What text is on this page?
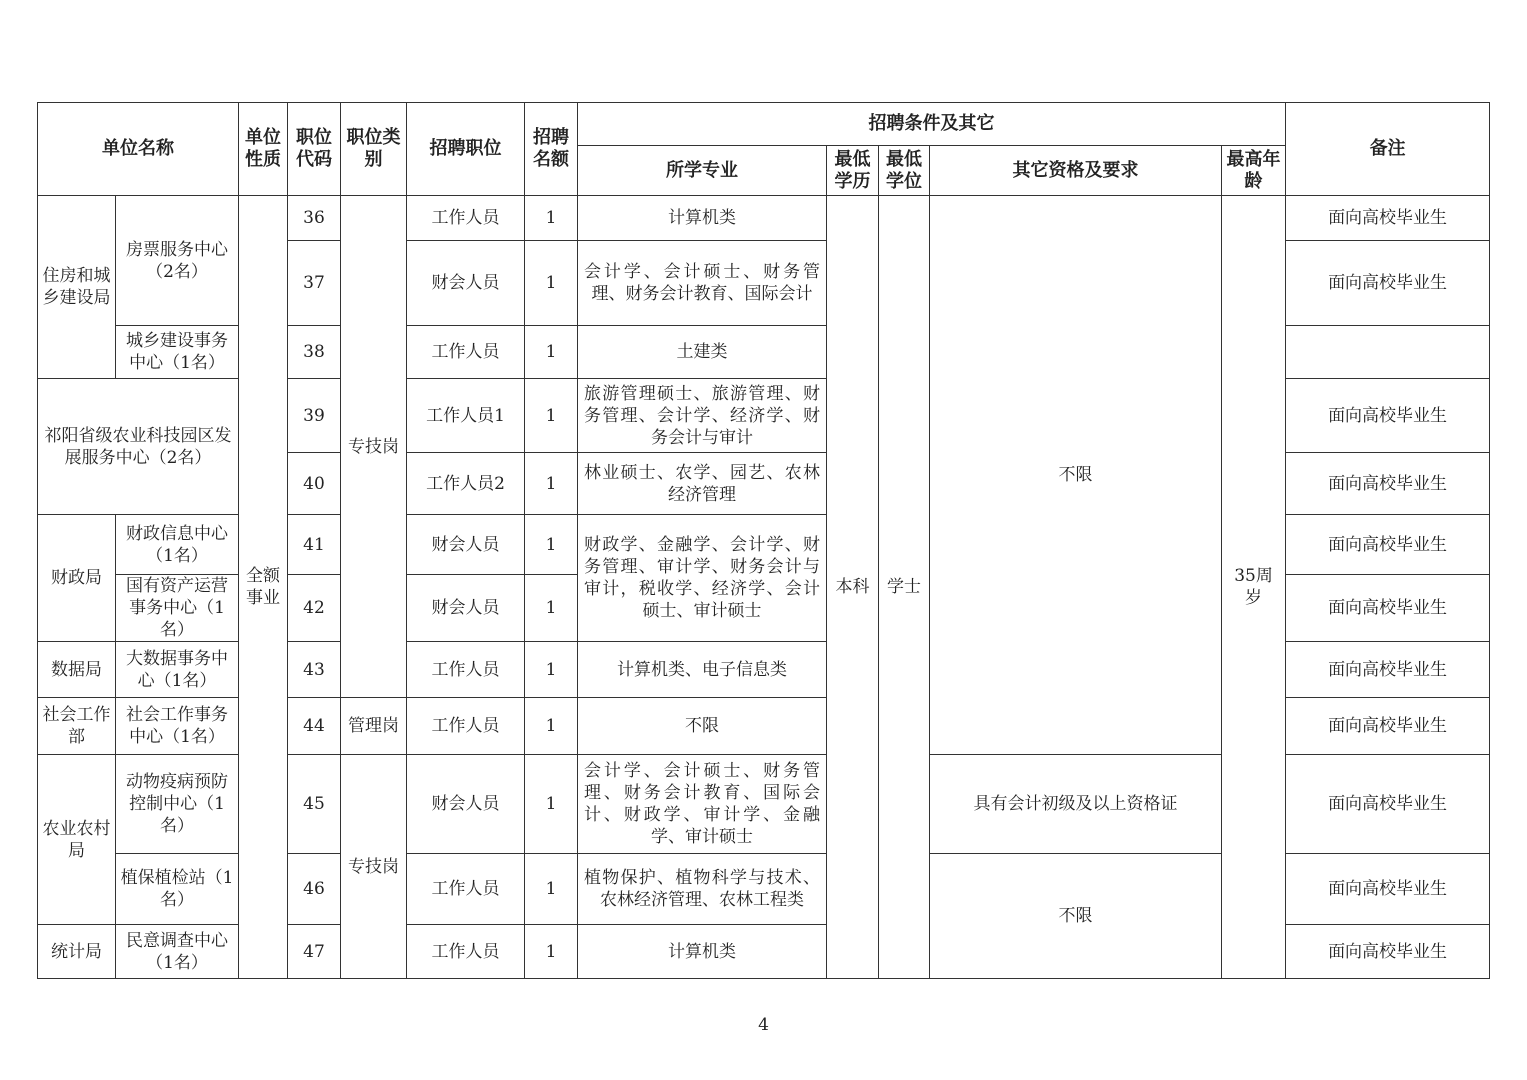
单位名称		单位性质	职位代码	职位类别	招聘职位	招聘名额	招聘条件及其它					备注
							所学专业	最低学历	最低学位	其它资格及要求	最高年龄	
住房和城乡建设局	房票服务中心（2名）	全额事业	36	专技岗	工作人员	1	计算机类	本科	学士	不限	35周岁	面向高校毕业生
			37		财会人员	1	会计学、会计硕士、财务管理、财务会计教育、国际会计					面向高校毕业生
	城乡建设事务中心（1名）		38		工作人员	1	土建类					
祁阳省级农业科技园区发展服务中心（2名）			39		工作人员1	1	旅游管理硕士、旅游管理、财务管理、会计学、经济学、财务会计与审计					面向高校毕业生
			40		工作人员2	1	林业硕士、农学、园艺、农林经济管理					面向高校毕业生
财政局	财政信息中心（1名）		41		财会人员	1	财政学、金融学、会计学、财务管理、审计学、财务会计与审计，税收学、经济学、会计硕士、审计硕士					面向高校毕业生
	国有资产运营事务中心（1名）		42		财会人员	1						面向高校毕业生
数据局	大数据事务中心（1名）		43		工作人员	1	计算机类、电子信息类					面向高校毕业生
社会工作部	社会工作事务中心（1名）		44	管理岗	工作人员	1	不限					面向高校毕业生
农业农村局	动物疫病预防控制中心（1名）		45	专技岗	财会人员	1	会计学、会计硕士、财务管理、财务会计教育、国际会计、财政学、审计学、金融学、审计硕士			具有会计初级及以上资格证		面向高校毕业生
	植保植检站（1名）		46		工作人员	1	植物保护、植物科学与技术、农林经济管理、农林工程类			不限		面向高校毕业生
统计局	民意调查中心（1名）		47		工作人员	1	计算机类					面向高校毕业生
4
